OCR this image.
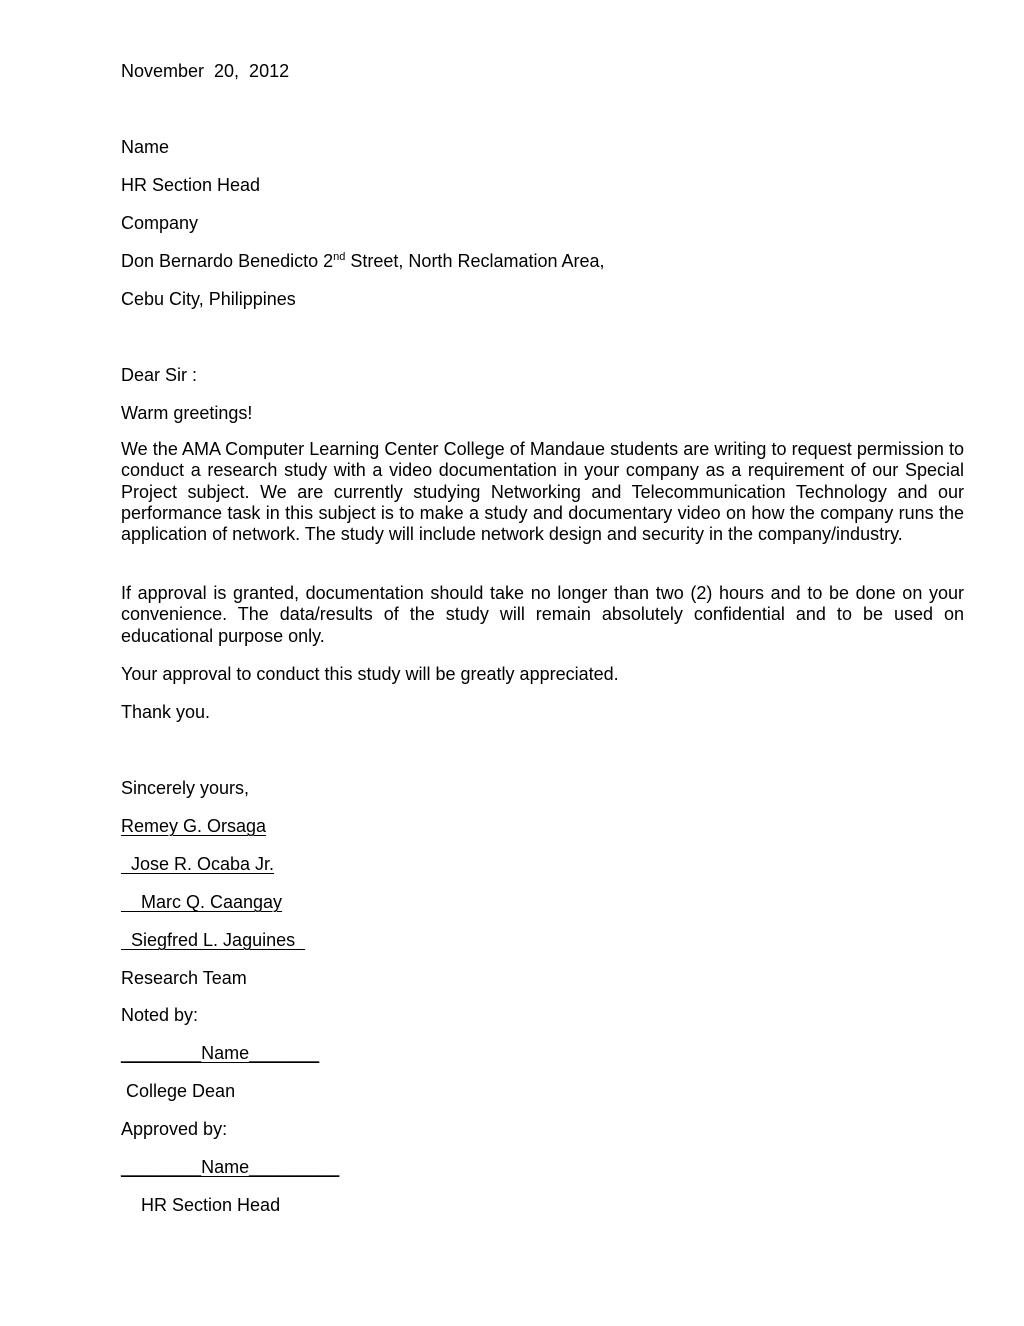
November  20,  2012
Name
HR Section Head
Company
Don Bernardo Benedicto 2nd Street, North Reclamation Area,
Cebu City, Philippines
Dear Sir :
Warm greetings!
We the AMA Computer Learning Center College of Mandaue students are writing to request permission to conduct a research study with a video documentation in your company as a requirement of our Special Project subject. We are currently studying Networking and Telecommunication Technology and our performance task in this subject is to make a study and documentary video on how the company runs the application of network. The study will include network design and security in the company/industry.
If approval is granted, documentation should take no longer than two (2) hours and to be done on your convenience. The data/results of the study will remain absolutely confidential and to be used on educational purpose only.
Your approval to conduct this study will be greatly appreciated.
Thank you.
Sincerely yours,
Remey G. Orsaga
Jose R. Ocaba Jr.
Marc Q. Caangay
Siegfred L. Jaguines
Research Team
Noted by:
________Name_______
College Dean
Approved by:
________Name_________
HR Section Head
